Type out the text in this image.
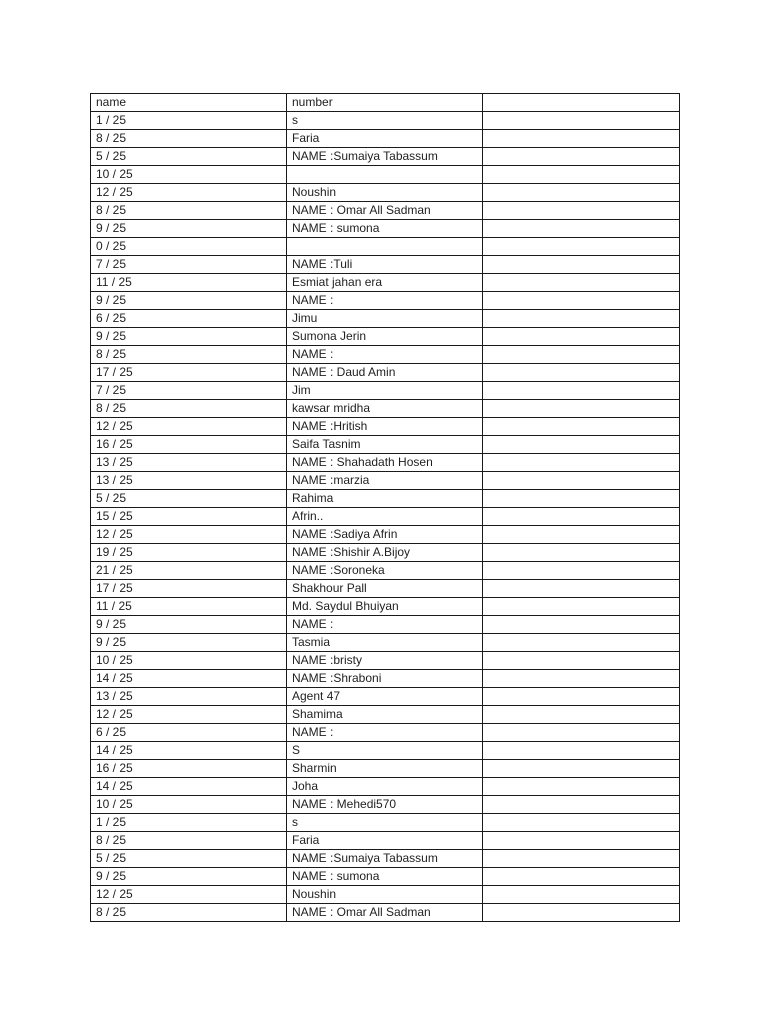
name	number	
1 / 25	s	
8 / 25	Faria	
5 / 25	NAME :Sumaiya Tabassum	
10 / 25		
12 / 25	Noushin	
8 / 25	NAME : Omar All Sadman	
9 / 25	NAME : sumona	
0 / 25		
7 / 25	NAME :Tuli	
11 / 25	Esmiat jahan era	
9 / 25	NAME :	
6 / 25	Jimu	
9 / 25	Sumona Jerin	
8 / 25	NAME :	
17 / 25	NAME : Daud Amin	
7 / 25	Jim	
8 / 25	kawsar mridha	
12 / 25	NAME :Hritish	
16 / 25	Saifa Tasnim	
13 / 25	NAME : Shahadath Hosen	
13 / 25	NAME :marzia	
5 / 25	Rahima	
15 / 25	Afrin..	
12 / 25	NAME :Sadiya Afrin	
19 / 25	NAME :Shishir A.Bijoy	
21 / 25	NAME :Soroneka	
17 / 25	Shakhour Pall	
11 / 25	Md. Saydul Bhuiyan	
9 / 25	NAME :	
9 / 25	Tasmia	
10 / 25	NAME :bristy	
14 / 25	NAME :Shraboni	
13 / 25	Agent 47	
12 / 25	Shamima	
6 / 25	NAME :	
14 / 25	S	
16 / 25	Sharmin	
14 / 25	Joha	
10 / 25	NAME : Mehedi570	
1 / 25	s	
8 / 25	Faria	
5 / 25	NAME :Sumaiya Tabassum	
9 / 25	NAME : sumona	
12 / 25	Noushin	
8 / 25	NAME : Omar All Sadman	
